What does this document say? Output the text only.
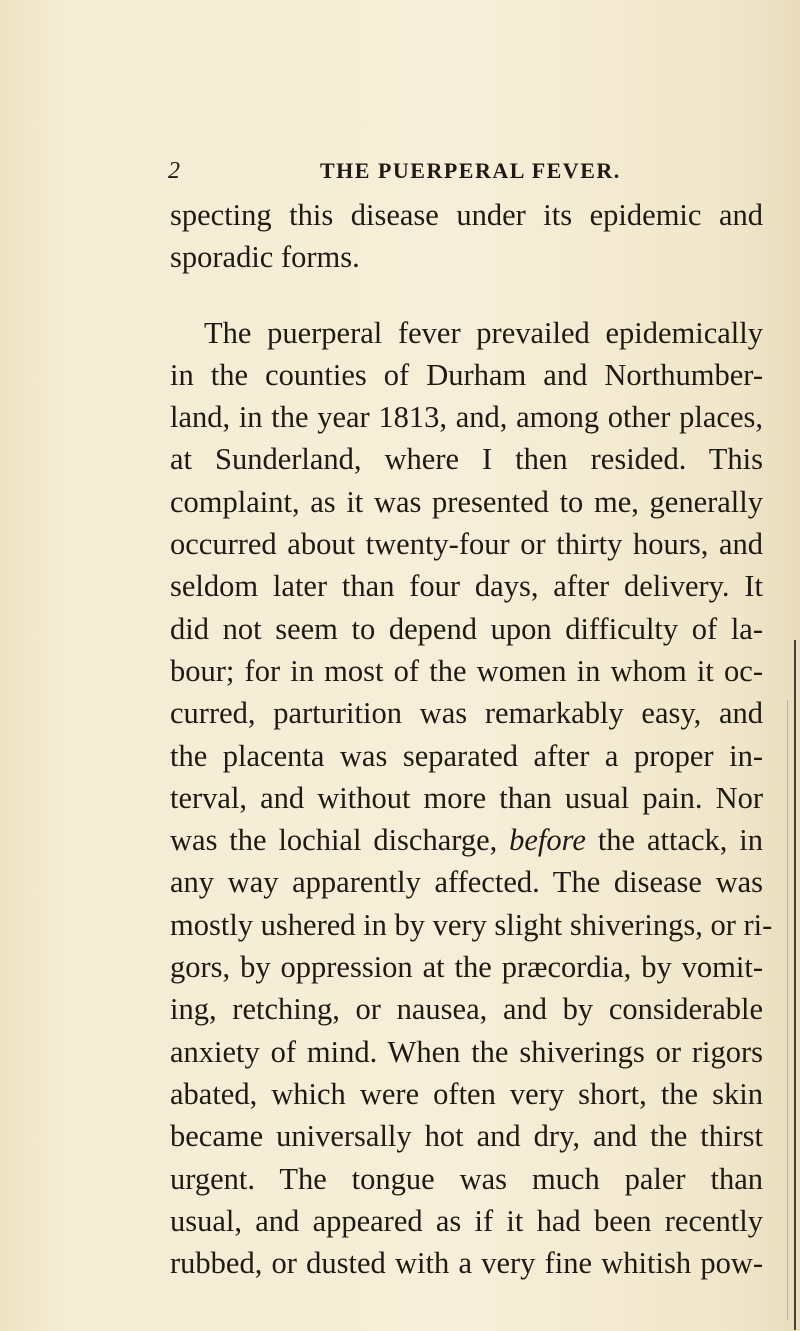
2	THE PUERPERAL FEVER.
specting this disease under its epidemic and
sporadic forms.
The puerperal fever prevailed epidemically
in the counties of Durham and Northumber-
land, in the year 1813, and, among other places,
at Sunderland, where I then resided. This
complaint, as it was presented to me, generally
occurred about twenty-four or thirty hours, and
seldom later than four days, after delivery. It
did not seem to depend upon difficulty of la-
bour; for in most of the women in whom it oc-
curred, parturition was remarkably easy, and
the placenta was separated after a proper in-
terval, and without more than usual pain. Nor
was the lochial discharge, before the attack, in
any way apparently affected. The disease was
mostly ushered in by very slight shiverings, or ri-
gors, by oppression at the præcordia, by vomit-
ing, retching, or nausea, and by considerable
anxiety of mind. When the shiverings or rigors
abated, which were often very short, the skin
became universally hot and dry, and the thirst
urgent. The tongue was much paler than
usual, and appeared as if it had been recently
rubbed, or dusted with a very fine whitish pow-
